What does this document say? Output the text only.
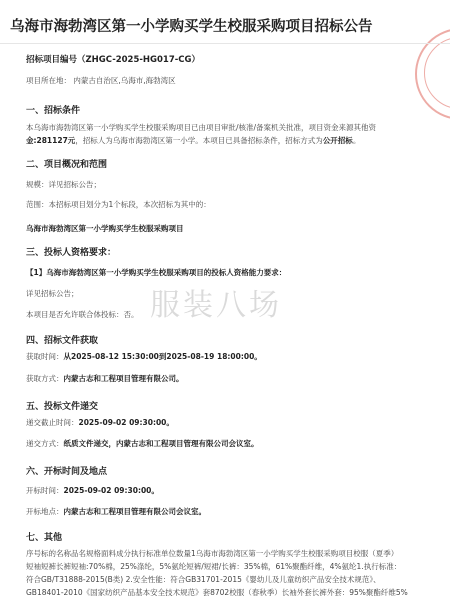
乌海市海勃湾区第一小学购买学生校服采购项目招标公告
招标项目编号（ZHGC-2025-HG017-CG）
项目所在地： 内蒙古自治区,乌海市,海勃湾区
一、招标条件
本乌海市海勃湾区第一小学购买学生校服采购项目已由项目审批/核准/备案机关批准，项目资金来源其他资
金:281127元，招标人为乌海市海勃湾区第一小学。本项目已具备招标条件，招标方式为公开招标。
二、项目概况和范围
规模：详见招标公告；
范围：本招标项目划分为1个标段，本次招标为其中的：
乌海市海勃湾区第一小学购买学生校服采购项目
三、投标人资格要求：
【1】乌海市海勃湾区第一小学购买学生校服采购项目的投标人资格能力要求：
详见招标公告；
本项目是否允许联合体投标：否。
四、招标文件获取
获取时间：从2025-08-12 15:30:00到2025-08-19 18:00:00。
获取方式：内蒙古志和工程项目管理有限公司。
五、投标文件递交
递交截止时间：2025-09-02 09:30:00。
递交方式：纸质文件递交，内蒙古志和工程项目管理有限公司会议室。
六、开标时间及地点
开标时间：2025-09-02 09:30:00。
开标地点：内蒙古志和工程项目管理有限公司会议室。
七、其他
序号标的名称品名规格面料成分执行标准单位数量1乌海市海勃湾区第一小学购买学生校服采购项目校服（夏季）
短袖短裤长裤短袖:70%棉，25%涤纶，5%氨纶短裤/短裙/长裤：35%棉，61%聚酯纤维，4%氨纶1.执行标准：
符合GB/T31888-2015(B类) 2.安全性能：符合GB31701-2015《婴幼儿及儿童纺织产品安全技术规范》、
GB18401-2010《国家纺织产品基本安全技术规范》套8702校服（春秋季）长袖外套长裤外套：95%聚酯纤维5%
服装八场
